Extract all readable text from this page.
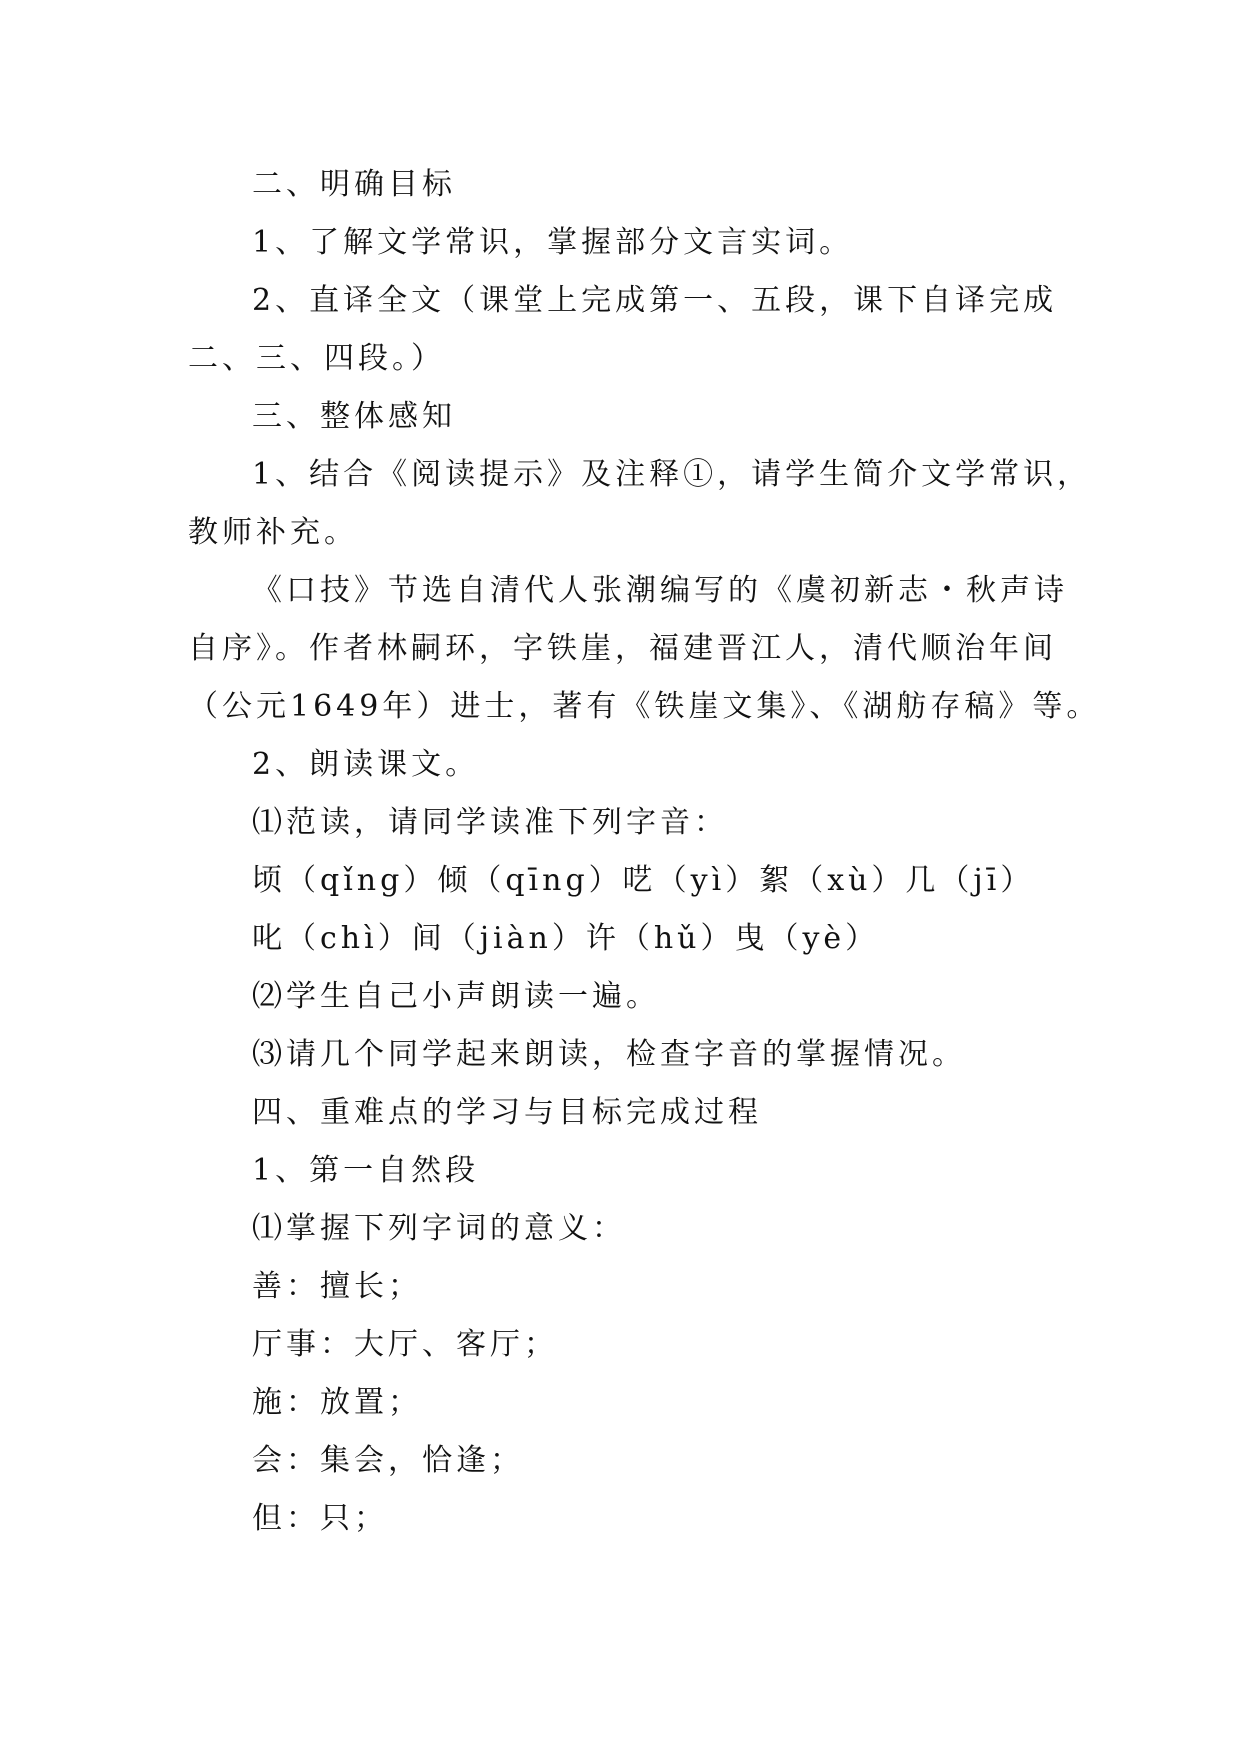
二、明确目标
1、了解文学常识，掌握部分文言实词。
2、直译全文（课堂上完成第一、五段，课下自译完成
二、三、四段。）
三、整体感知
1、结合《阅读提示》及注释①，请学生简介文学常识，
教师补充。
《口技》节选自清代人张潮编写的《虞初新志・秋声诗
自序》。作者林嗣环，字铁崖，福建晋江人，清代顺治年间
（公元1649年）进士，著有《铁崖文集》、《湖舫存稿》等。
2、朗读课文。
⑴范读，请同学读准下列字音：
顷（qǐng）倾（qīng）呓（yì）絮（xù）几（jī）
叱（chì）间（jiàn）许（hǔ）曳（yè）
⑵学生自己小声朗读一遍。
⑶请几个同学起来朗读，检查字音的掌握情况。
四、重难点的学习与目标完成过程
1、第一自然段
⑴掌握下列字词的意义：
善：擅长；
厅事：大厅、客厅；
施：放置；
会：集会，恰逢；
但：只；
